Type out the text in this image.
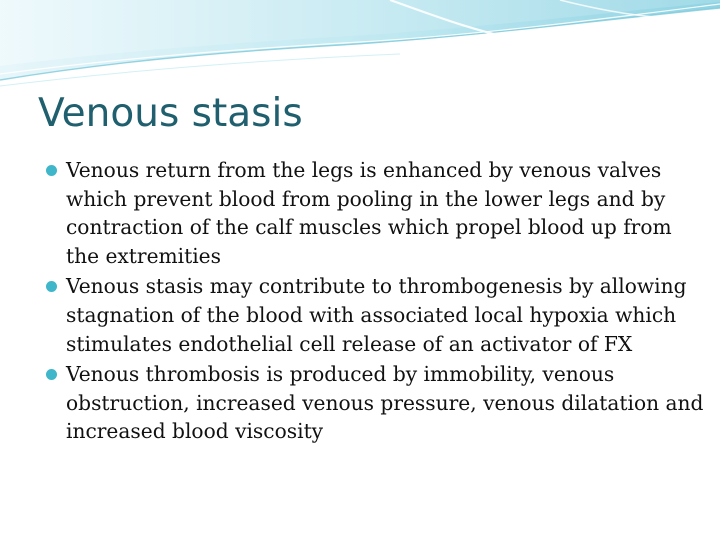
Venous stasis
Venous return from the legs is enhanced by venous valves which prevent blood from pooling in the lower legs and by contraction of the calf muscles which propel blood up from the extremities
Venous stasis may contribute to thrombogenesis by allowing stagnation of the blood with associated local hypoxia which stimulates endothelial cell release of an activator of FX
Venous thrombosis is produced by immobility, venous obstruction, increased venous pressure, venous dilatation and increased blood viscosity
